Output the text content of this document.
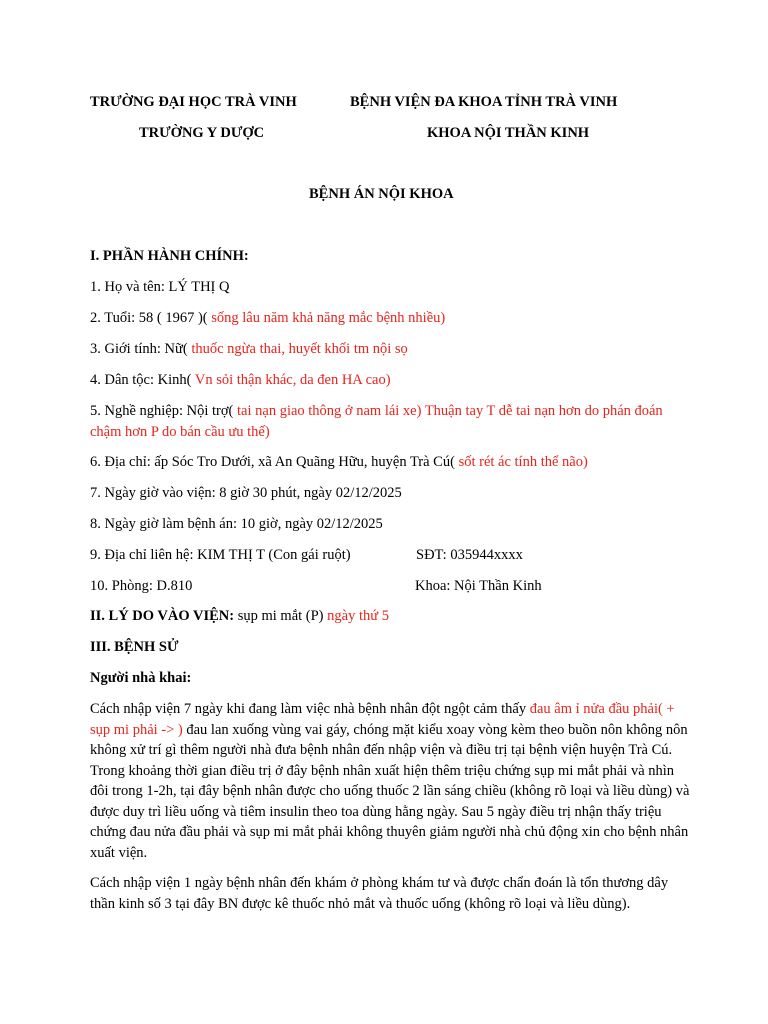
TRƯỜNG ĐẠI HỌC TRÀ VINH	BỆNH VIỆN ĐA KHOA TỈNH TRÀ VINH
TRƯỜNG Y DƯỢC	KHOA NỘI THẦN KINH
BỆNH ÁN NỘI KHOA
I. PHẦN HÀNH CHÍNH:
1. Họ và tên: LÝ THỊ Q
2. Tuổi: 58 ( 1967 )( sống lâu năm khả năng mắc bệnh nhiều)
3. Giới tính: Nữ( thuốc ngừa thai, huyết khối tm nội sọ
4. Dân tộc: Kinh( Vn sỏi thận khác, da đen HA cao)
5. Nghề nghiệp: Nội trợ( tai nạn giao thông ở nam lái xe) Thuận tay T dễ tai nạn hơn do phán đoán chậm hơn P do bán cầu ưu thế)
6. Địa chỉ: ấp Sóc Tro Dưới, xã An Quãng Hữu, huyện Trà Cú( sốt rét ác tính thể não)
7. Ngày giờ vào viện: 8 giờ 30 phút, ngày 02/12/2025
8. Ngày giờ làm bệnh án: 10 giờ, ngày 02/12/2025
9. Địa chỉ liên hệ: KIM THỊ T (Con gái ruột)	SĐT: 035944xxxx
10. Phòng: D.810	Khoa: Nội Thần Kinh
II. LÝ DO VÀO VIỆN: sụp mi mắt (P) ngày thứ 5
III. BỆNH SỬ
Người nhà khai:
Cách nhập viện 7 ngày khi đang làm việc nhà bệnh nhân đột ngột cảm thấy đau âm ỉ nửa đầu phải( + sụp mi phải -> ) đau lan xuống vùng vai gáy, chóng mặt kiểu xoay vòng kèm theo buồn nôn không nôn không xử trí gì thêm người nhà đưa bệnh nhân đến nhập viện và điều trị tại bệnh viện huyện Trà Cú. Trong khoảng thời gian điều trị ở đây bệnh nhân xuất hiện thêm triệu chứng sụp mi mắt phải và nhìn đôi trong 1-2h, tại đây bệnh nhân được cho uống thuốc 2 lần sáng chiều (không rõ loại và liều dùng) và được duy trì liều uống và tiêm insulin theo toa dùng hằng ngày. Sau 5 ngày điều trị nhận thấy triệu chứng đau nửa đầu phải và sụp mi mắt phải không thuyên giảm người nhà chủ động xin cho bệnh nhân xuất viện.
Cách nhập viện 1 ngày bệnh nhân đến khám ở phòng khám tư và được chẩn đoán là tổn thương dây thần kinh số 3 tại đây BN được kê thuốc nhỏ mắt và thuốc uống (không rõ loại và liều dùng).
